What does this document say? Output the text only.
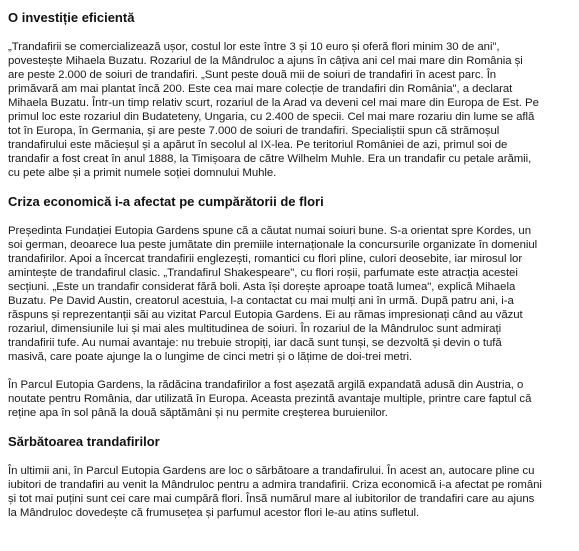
O investiție eficientă

„Trandafirii se comercializează ușor, costul lor este între 3 și 10 euro și oferă flori minim 30 de ani",
povestește Mihaela Buzatu. Rozariul de la Mândruloc a ajuns în câțiva ani cel mai mare din România și
are peste 2.000 de soiuri de trandafiri. „Sunt peste două mii de soiuri de trandafiri în acest parc. În
primăvară am mai plantat încă 200. Este cea mai mare colecție de trandafiri din România", a declarat
Mihaela Buzatu. Într-un timp relativ scurt, rozariul de la Arad va deveni cel mai mare din Europa de Est. Pe
primul loc este rozariul din Budateteny, Ungaria, cu 2.400 de specii. Cel mai mare rozariu din lume se află
tot în Europa, în Germania, și are peste 7.000 de soiuri de trandafiri. Specialiștii spun că strămoșul
trandafirului este măcieșul și a apărut în secolul al IX-lea. Pe teritoriul României de azi, primul soi de
trandafir a fost creat în anul 1888, la Timișoara de către Wilhelm Muhle. Era un trandafir cu petale arămii,
cu pete albe și a primit numele soției domnului Muhle.

Criza economică i-a afectat pe cumpărătorii de flori

Președinta Fundației Eutopia Gardens spune că a căutat numai soiuri bune. S-a orientat spre Kordes, un
soi german, deoarece lua peste jumătate din premiile internaționale la concursurile organizate în domeniul
trandafirilor. Apoi a încercat trandafirii englezești, romantici cu flori pline, culori deosebite, iar mirosul lor
amintește de trandafirul clasic. „Trandafirul Shakespeare", cu flori roșii, parfumate este atracția acestei
secțiuni. „Este un trandafir considerat fără boli. Asta își dorește aproape toată lumea", explică Mihaela
Buzatu. Pe David Austin, creatorul acestuia, l-a contactat cu mai mulți ani în urmă. După patru ani, i-a
răspuns și reprezentanții săi au vizitat Parcul Eutopia Gardens. Ei au rămas impresionați când au văzut
rozariul, dimensiunile lui și mai ales multitudinea de soiuri. În rozariul de la Mândruloc sunt admirați
trandafirii tufe. Au numai avantaje: nu trebuie stropiți, iar dacă sunt tunși, se dezvoltă și devin o tufă
masivă, care poate ajunge la o lungime de cinci metri și o lățime de doi-trei metri.

În Parcul Eutopia Gardens, la rădăcina trandafirilor a fost așezată argilă expandată adusă din Austria, o
noutate pentru România, dar utilizată în Europa. Aceasta prezintă avantaje multiple, printre care faptul că
reține apa în sol până la două săptămâni și nu permite creșterea buruienilor.

Sărbătoarea trandafirilor

În ultimii ani, în Parcul Eutopia Gardens are loc o sărbătoare a trandafirului. În acest an, autocare pline cu
iubitori de trandafiri au venit la Mândruloc pentru a admira trandafirii. Criza economică i-a afectat pe români
și tot mai puțini sunt cei care mai cumpără flori. Însă numărul mare al iubitorilor de trandafiri care au ajuns
la Mândruloc dovedește că frumusețea și parfumul acestor flori le-au atins sufletul.
